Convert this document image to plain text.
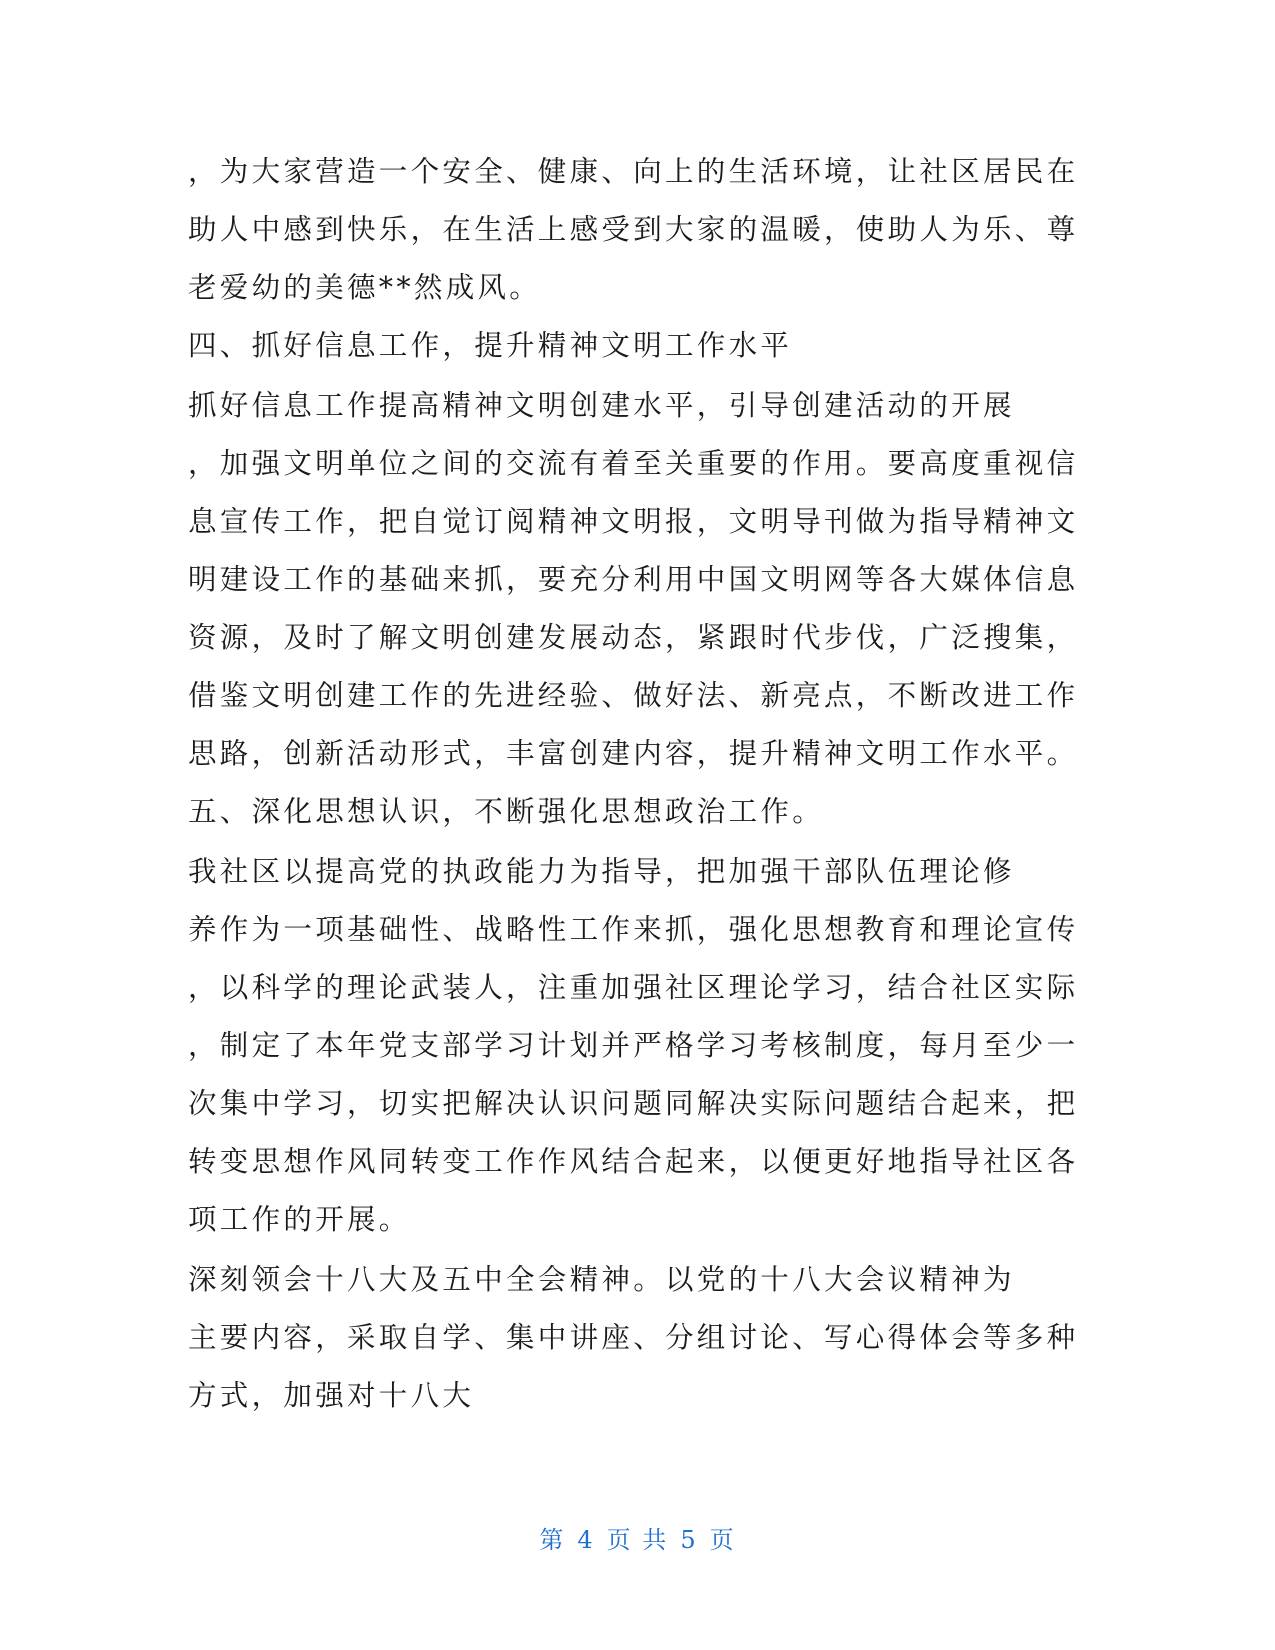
，为大家营造一个安全、健康、向上的生活环境，让社区居民在
助人中感到快乐，在生活上感受到大家的温暖，使助人为乐、尊
老爱幼的美德**然成风。
四、抓好信息工作，提升精神文明工作水平
抓好信息工作提高精神文明创建水平，引导创建活动的开展
，加强文明单位之间的交流有着至关重要的作用。要高度重视信
息宣传工作，把自觉订阅精神文明报，文明导刊做为指导精神文
明建设工作的基础来抓，要充分利用中国文明网等各大媒体信息
资源，及时了解文明创建发展动态，紧跟时代步伐，广泛搜集，
借鉴文明创建工作的先进经验、做好法、新亮点，不断改进工作
思路，创新活动形式，丰富创建内容，提升精神文明工作水平。
五、深化思想认识，不断强化思想政治工作。
我社区以提高党的执政能力为指导，把加强干部队伍理论修
养作为一项基础性、战略性工作来抓，强化思想教育和理论宣传
，以科学的理论武装人，注重加强社区理论学习，结合社区实际
，制定了本年党支部学习计划并严格学习考核制度，每月至少一
次集中学习，切实把解决认识问题同解决实际问题结合起来，把
转变思想作风同转变工作作风结合起来，以便更好地指导社区各
项工作的开展。
深刻领会十八大及五中全会精神。以党的十八大会议精神为
主要内容，采取自学、集中讲座、分组讨论、写心得体会等多种
方式，加强对十八大
第 4 页 共 5 页
